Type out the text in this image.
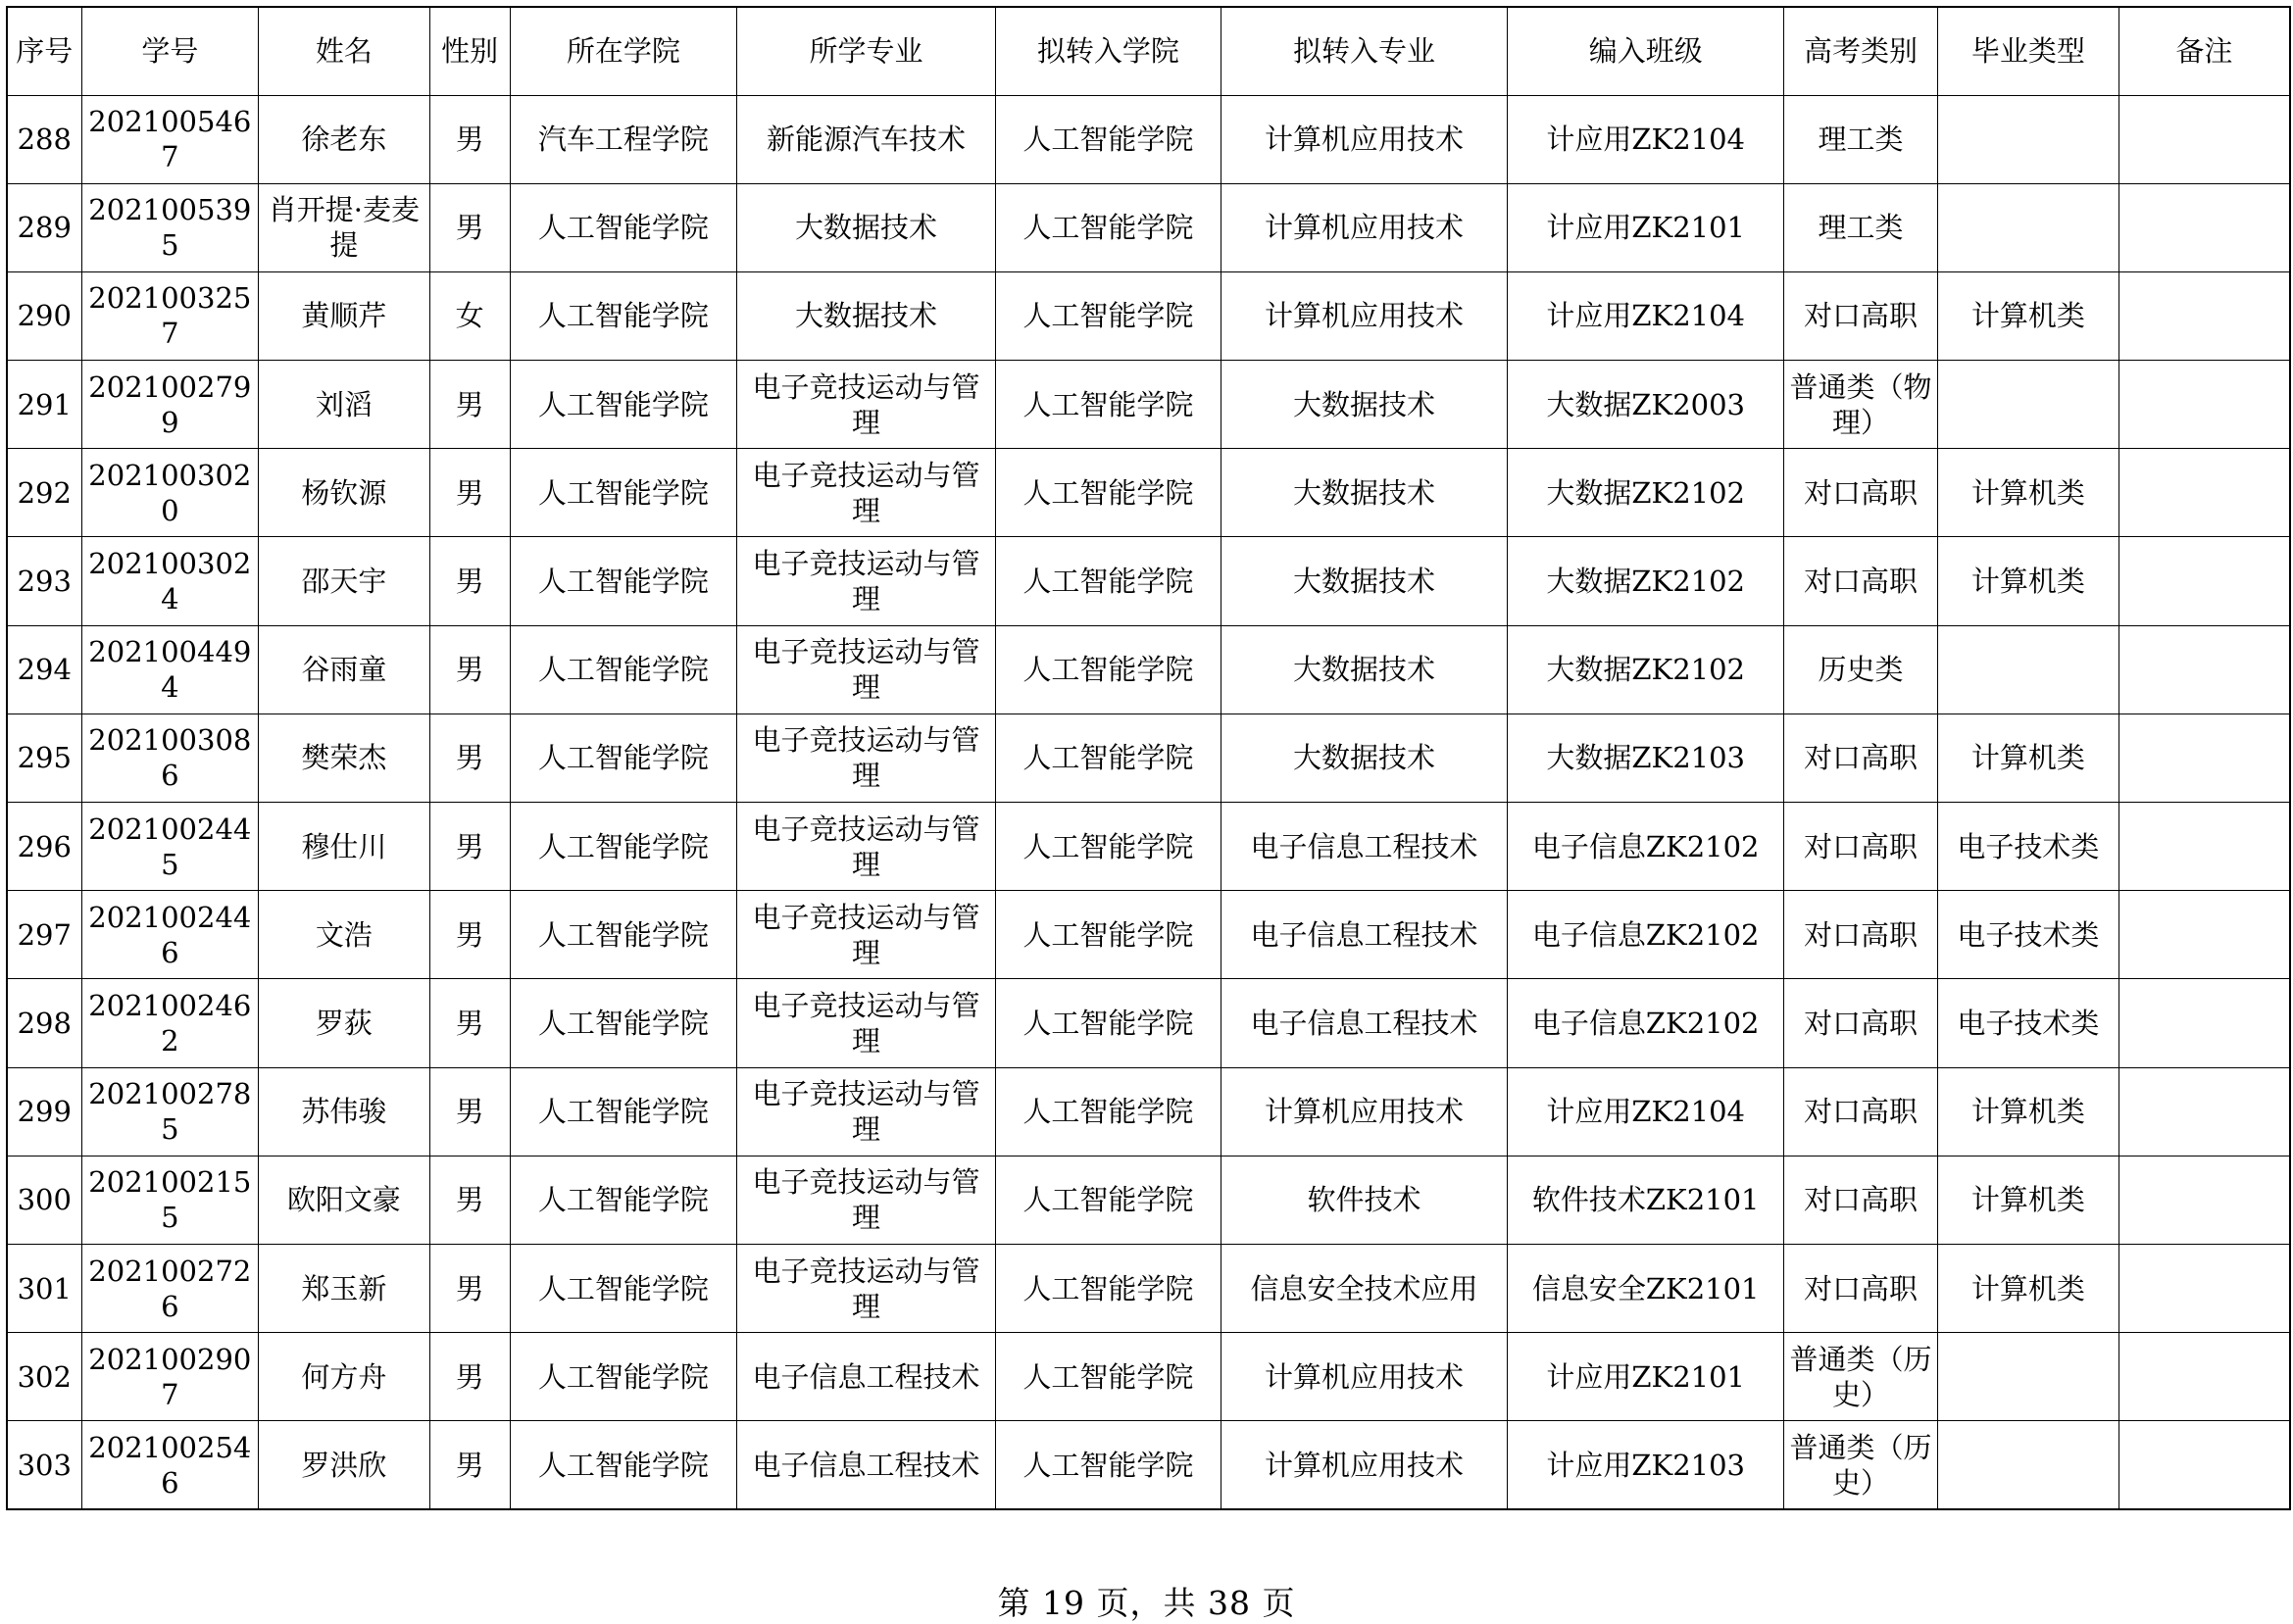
序号	学号	姓名	性别	所在学院	所学专业	拟转入学院	拟转入专业	编入班级	高考类别	毕业类型	备注
288	2021005467	徐老东	男	汽车工程学院	新能源汽车技术	人工智能学院	计算机应用技术	计应用ZK2104	理工类		
289	2021005395	肖开提·麦麦提	男	人工智能学院	大数据技术	人工智能学院	计算机应用技术	计应用ZK2101	理工类		
290	2021003257	黄顺芹	女	人工智能学院	大数据技术	人工智能学院	计算机应用技术	计应用ZK2104	对口高职	计算机类	
291	2021002799	刘滔	男	人工智能学院	电子竞技运动与管理	人工智能学院	大数据技术	大数据ZK2003	普通类（物理）		
292	2021003020	杨钦源	男	人工智能学院	电子竞技运动与管理	人工智能学院	大数据技术	大数据ZK2102	对口高职	计算机类	
293	2021003024	邵天宇	男	人工智能学院	电子竞技运动与管理	人工智能学院	大数据技术	大数据ZK2102	对口高职	计算机类	
294	2021004494	谷雨童	男	人工智能学院	电子竞技运动与管理	人工智能学院	大数据技术	大数据ZK2102	历史类		
295	2021003086	樊荣杰	男	人工智能学院	电子竞技运动与管理	人工智能学院	大数据技术	大数据ZK2103	对口高职	计算机类	
296	2021002445	穆仕川	男	人工智能学院	电子竞技运动与管理	人工智能学院	电子信息工程技术	电子信息ZK2102	对口高职	电子技术类	
297	2021002446	文浩	男	人工智能学院	电子竞技运动与管理	人工智能学院	电子信息工程技术	电子信息ZK2102	对口高职	电子技术类	
298	2021002462	罗荻	男	人工智能学院	电子竞技运动与管理	人工智能学院	电子信息工程技术	电子信息ZK2102	对口高职	电子技术类	
299	2021002785	苏伟骏	男	人工智能学院	电子竞技运动与管理	人工智能学院	计算机应用技术	计应用ZK2104	对口高职	计算机类	
300	2021002155	欧阳文豪	男	人工智能学院	电子竞技运动与管理	人工智能学院	软件技术	软件技术ZK2101	对口高职	计算机类	
301	2021002726	郑玉新	男	人工智能学院	电子竞技运动与管理	人工智能学院	信息安全技术应用	信息安全ZK2101	对口高职	计算机类	
302	2021002907	何方舟	男	人工智能学院	电子信息工程技术	人工智能学院	计算机应用技术	计应用ZK2101	普通类（历史）		
303	2021002546	罗洪欣	男	人工智能学院	电子信息工程技术	人工智能学院	计算机应用技术	计应用ZK2103	普通类（历史）		
第 19 页，共 38 页
